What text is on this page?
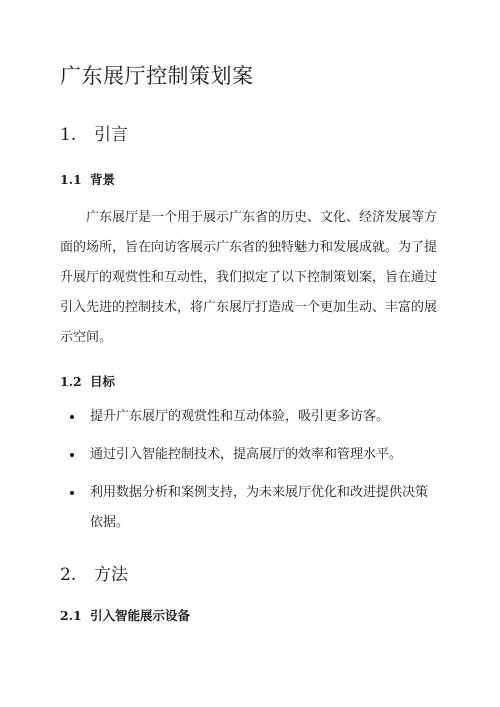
广东展厅控制策划案
1. 引言
1.1 背景
广东展厅是一个用于展示广东省的历史、文化、经济发展等方
面的场所，旨在向访客展示广东省的独特魅力和发展成就。为了提
升展厅的观赏性和互动性，我们拟定了以下控制策划案，旨在通过
引入先进的控制技术，将广东展厅打造成一个更加生动、丰富的展
示空间。
1.2 目标
提升广东展厅的观赏性和互动体验，吸引更多访客。
通过引入智能控制技术，提高展厅的效率和管理水平。
利用数据分析和案例支持，为未来展厅优化和改进提供决策
依据。
2. 方法
2.1 引入智能展示设备
